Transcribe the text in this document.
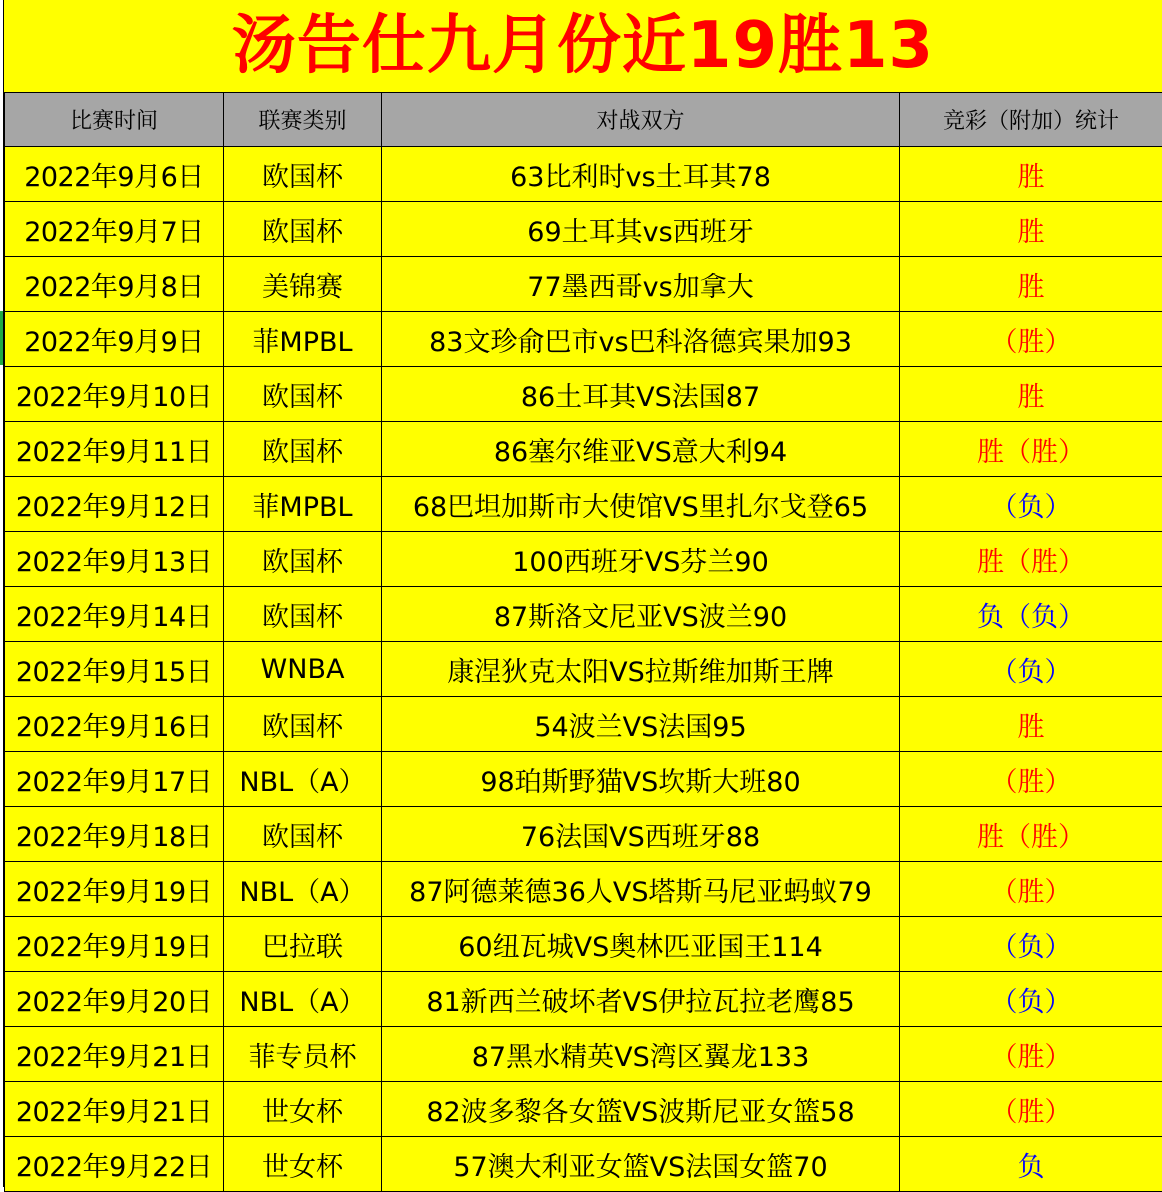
汤告仕九月份近19胜13
比赛时间	联赛类别	对战双方	竞彩（附加）统计
2022年9月6日	欧国杯	63比利时vs土耳其78	胜
2022年9月7日	欧国杯	69土耳其vs西班牙	胜
2022年9月8日	美锦赛	77墨西哥vs加拿大	胜
2022年9月9日	菲MPBL	83文珍俞巴市vs巴科洛德宾果加93	（胜）
2022年9月10日	欧国杯	86土耳其VS法国87	胜
2022年9月11日	欧国杯	86塞尔维亚VS意大利94	胜（胜）
2022年9月12日	菲MPBL	68巴坦加斯市大使馆VS里扎尔戈登65	（负）
2022年9月13日	欧国杯	100西班牙VS芬兰90	胜（胜）
2022年9月14日	欧国杯	87斯洛文尼亚VS波兰90	负（负）
2022年9月15日	WNBA	康涅狄克太阳VS拉斯维加斯王牌	（负）
2022年9月16日	欧国杯	54波兰VS法国95	胜
2022年9月17日	NBL（A）	98珀斯野猫VS坎斯大班80	（胜）
2022年9月18日	欧国杯	76法国VS西班牙88	胜（胜）
2022年9月19日	NBL（A）	87阿德莱德36人VS塔斯马尼亚蚂蚁79	（胜）
2022年9月19日	巴拉联	60纽瓦城VS奥林匹亚国王114	（负）
2022年9月20日	NBL（A）	81新西兰破坏者VS伊拉瓦拉老鹰85	（负）
2022年9月21日	菲专员杯	87黑水精英VS湾区翼龙133	（胜）
2022年9月21日	世女杯	82波多黎各女篮VS波斯尼亚女篮58	（胜）
2022年9月22日	世女杯	57澳大利亚女篮VS法国女篮70	负
